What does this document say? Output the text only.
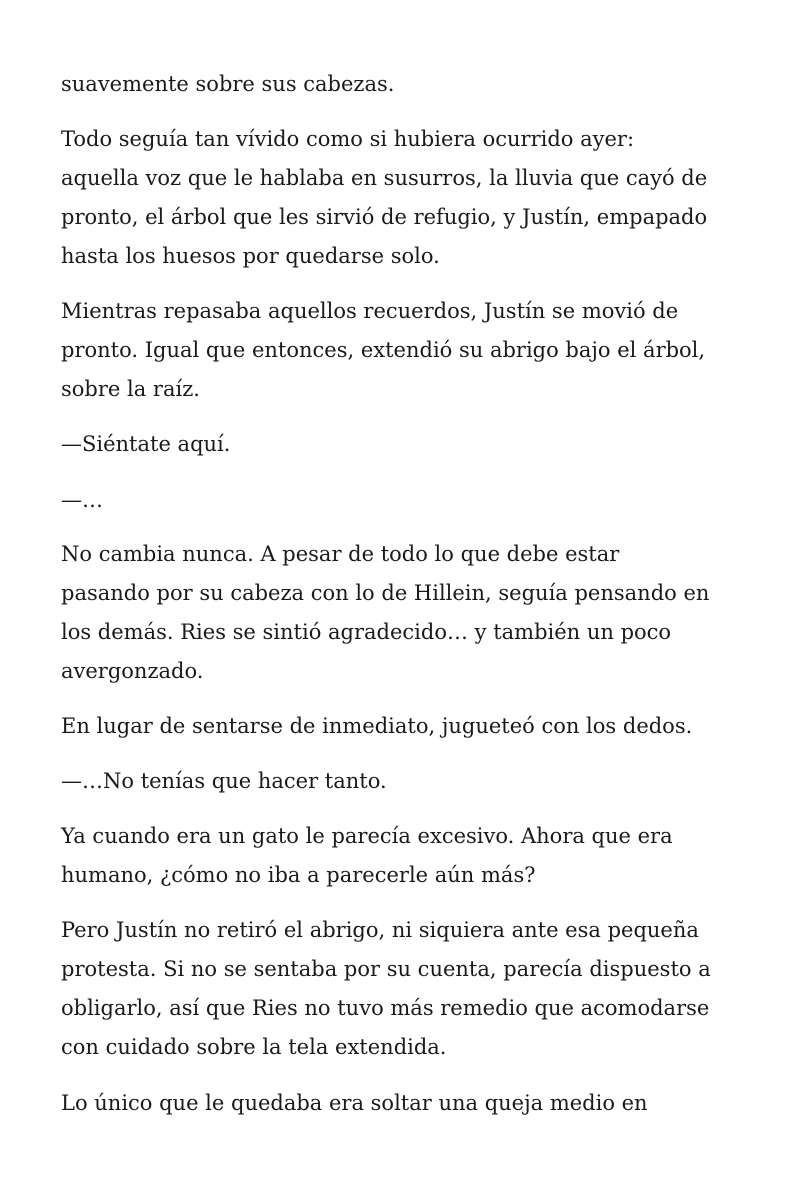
suavemente sobre sus cabezas.

Todo seguía tan vívido como si hubiera ocurrido ayer:

aquella voz que le hablaba en susurros, la lluvia que cayó de

pronto, el árbol que les sirvió de refugio, y Justín, empapado

hasta los huesos por quedarse solo.

Mientras repasaba aquellos recuerdos, Justín se movió de

pronto. Igual que entonces, extendió su abrigo bajo el árbol,

sobre la raíz.

—Siéntate aquí.

—…

No cambia nunca. A pesar de todo lo que debe estar

pasando por su cabeza con lo de Hillein, seguía pensando en

los demás. Ries se sintió agradecido… y también un poco

avergonzado.

En lugar de sentarse de inmediato, jugueteó con los dedos.

—…No tenías que hacer tanto.

Ya cuando era un gato le parecía excesivo. Ahora que era

humano, ¿cómo no iba a parecerle aún más?

Pero Justín no retiró el abrigo, ni siquiera ante esa pequeña

protesta. Si no se sentaba por su cuenta, parecía dispuesto a

obligarlo, así que Ries no tuvo más remedio que acomodarse

con cuidado sobre la tela extendida.

Lo único que le quedaba era soltar una queja medio en
